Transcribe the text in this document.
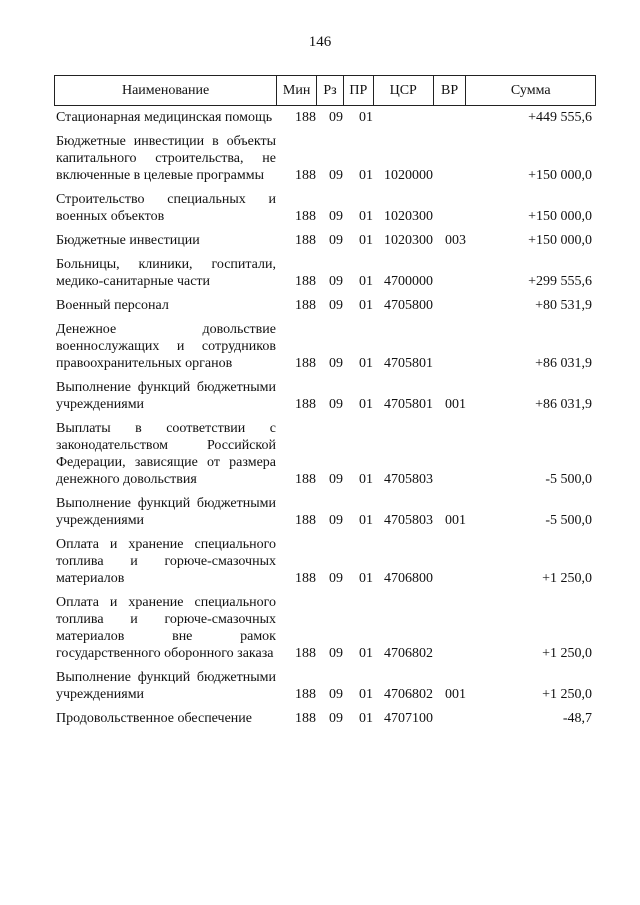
146
Наименование	Мин Рз ПР	ЦСР	ВР	Сумма
Стационарная медицинская помощь	188 09	01	+449 555,6
Бюджетные инвестиции в объекты капитального строительства, не включенные в целевые программы	188 09	01 1020000	+150 000,0
Строительство специальных и военных объектов	188 09	01 1020300	+150 000,0
Бюджетные инвестиции	188 09	01 1020300 003	+150 000,0
Больницы, клиники, госпитали, медико-санитарные части	188 09	01 4700000	+299 555,6
Военный персонал	188 09	01 4705800	+80 531,9
Денежное довольствие военнослужащих и сотрудников правоохранительных органов	188 09	01 4705801	+86 031,9
Выполнение функций бюджетными учреждениями	188 09	01 4705801 001	+86 031,9
Выплаты в соответствии с законодательством Российской Федерации, зависящие от размера денежного довольствия	188 09	01 4705803	-5 500,0
Выполнение функций бюджетными учреждениями	188 09	01 4705803 001	-5 500,0
Оплата и хранение специального топлива и горюче-смазочных материалов	188 09	01 4706800	+1 250,0
Оплата и хранение специального топлива и горюче-смазочных материалов вне рамок государственного оборонного заказа	188 09	01 4706802	+1 250,0
Выполнение функций бюджетными учреждениями	188 09	01 4706802 001	+1 250,0
Продовольственное обеспечение	188 09	01 4707100	-48,7
